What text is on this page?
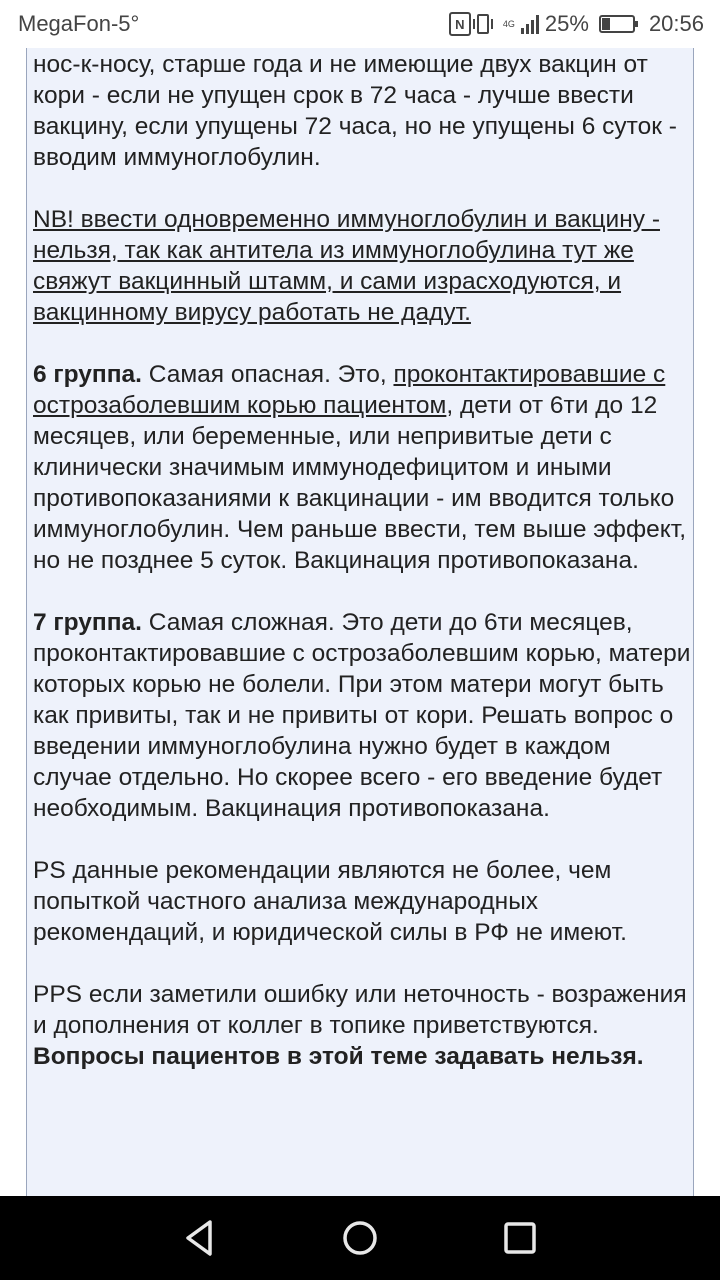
MegaFon-5°	N	4G 25%	20:56

нос-к-носу, старше года и не имеющие двух вакцин от кори - если не упущен срок в 72 часа - лучше ввести вакцину, если упущены 72 часа, но не упущены 6 суток - вводим иммуноглобулин.

NB! ввести одновременно иммуноглобулин и вакцину - нельзя, так как антитела из иммуноглобулина тут же свяжут вакцинный штамм, и сами израсходуются, и вакцинному вирусу работать не дадут.

6 группа. Самая опасная. Это, проконтактировавшие с острозаболевшим корью пациентом, дети от 6ти до 12 месяцев, или беременные, или непривитые дети с клинически значимым иммунодефицитом и иными противопоказаниями к вакцинации - им вводится только иммуноглобулин. Чем раньше ввести, тем выше эффект, но не позднее 5 суток. Вакцинация противопоказана.

7 группа. Самая сложная. Это дети до 6ти месяцев, проконтактировавшие с острозаболевшим корью, матери которых корью не болели. При этом матери могут быть как привиты, так и не привиты от кори. Решать вопрос о введении иммуноглобулина нужно будет в каждом случае отдельно. Но скорее всего - его введение будет необходимым. Вакцинация противопоказана.

PS данные рекомендации являются не более, чем попыткой частного анализа международных рекомендаций, и юридической силы в РФ не имеют.

PPS если заметили ошибку или неточность - возражения и дополнения от коллег в топике приветствуются. Вопросы пациентов в этой теме задавать нельзя.
